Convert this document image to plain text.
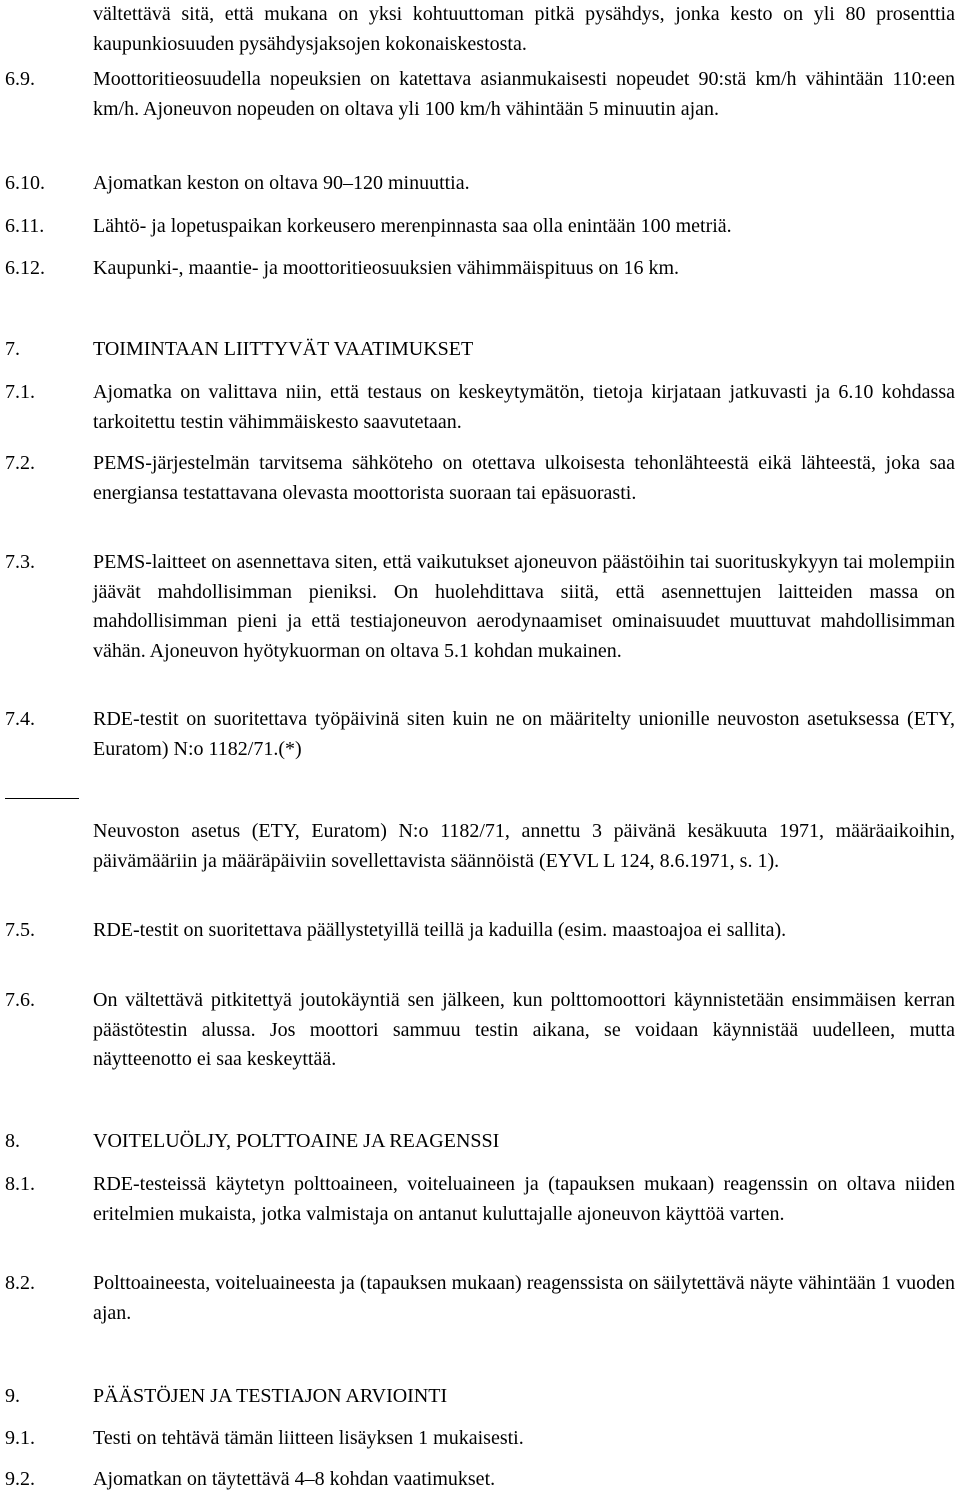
vältettävä sitä, että mukana on yksi kohtuuttoman pitkä pysähdys, jonka kesto on yli 80 prosenttia kaupunkiosuuden pysähdysjaksojen kokonaiskestosta.
6.9.	Moottoritieosuudella nopeuksien on katettava asianmukaisesti nopeudet 90:stä km/h vähintään 110:een km/h. Ajoneuvon nopeuden on oltava yli 100 km/h vähintään 5 minuutin ajan.
6.10.	Ajomatkan keston on oltava 90–120 minuuttia.
6.11.	Lähtö- ja lopetuspaikan korkeusero merenpinnasta saa olla enintään 100 metriä.
6.12.	Kaupunki-, maantie- ja moottoritieosuuksien vähimmäispituus on 16 km.
7.	TOIMINTAAN LIITTYVÄT VAATIMUKSET
7.1.	Ajomatka on valittava niin, että testaus on keskeytymätön, tietoja kirjataan jatkuvasti ja 6.10 kohdassa tarkoitettu testin vähimmäiskesto saavutetaan.
7.2.	PEMS-järjestelmän tarvitsema sähköteho on otettava ulkoisesta tehonlähteestä eikä lähteestä, joka saa energiansa testattavana olevasta moottorista suoraan tai epäsuorasti.
7.3.	PEMS-laitteet on asennettava siten, että vaikutukset ajoneuvon päästöihin tai suorituskykyyn tai molempiin jäävät mahdollisimman pieniksi. On huolehdittava siitä, että asennettujen laitteiden massa on mahdollisimman pieni ja että testiajoneuvon aerodynaamiset ominaisuudet muuttuvat mahdollisimman vähän. Ajoneuvon hyötykuorman on oltava 5.1 kohdan mukainen.
7.4.	RDE-testit on suoritettava työpäivinä siten kuin ne on määritelty unionille neuvoston asetuksessa (ETY, Euratom) N:o 1182/71.(*)
Neuvoston asetus (ETY, Euratom) N:o 1182/71, annettu 3 päivänä kesäkuuta 1971, määräaikoihin, päivämääriin ja määräpäiviin sovellettavista säännöistä (EYVL L 124, 8.6.1971, s. 1).
7.5.	RDE-testit on suoritettava päällystetyillä teillä ja kaduilla (esim. maastoajoa ei sallita).
7.6.	On vältettävä pitkitettyä joutokäyntiä sen jälkeen, kun polttomoottori käynnistetään ensimmäisen kerran päästötestin alussa. Jos moottori sammuu testin aikana, se voidaan käynnistää uudelleen, mutta näytteenotto ei saa keskeyttää.
8.	VOITELUÖLJY, POLTTOAINE JA REAGENSSI
8.1.	RDE-testeissä käytetyn polttoaineen, voiteluaineen ja (tapauksen mukaan) reagenssin on oltava niiden eritelmien mukaista, jotka valmistaja on antanut kuluttajalle ajoneuvon käyttöä varten.
8.2.	Polttoaineesta, voiteluaineesta ja (tapauksen mukaan) reagenssista on säilytettävä näyte vähintään 1 vuoden ajan.
9.	PÄÄSTÖJEN JA TESTIAJON ARVIOINTI
9.1.	Testi on tehtävä tämän liitteen lisäyksen 1 mukaisesti.
9.2.	Ajomatkan on täytettävä 4–8 kohdan vaatimukset.
